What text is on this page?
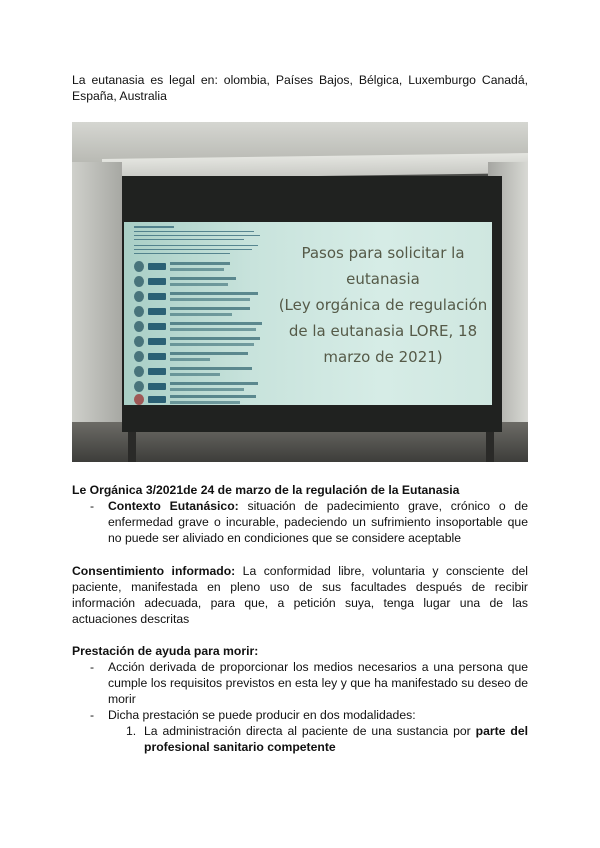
La eutanasia es legal en: olombia, Países Bajos, Bélgica, Luxemburgo Canadá, España, Australia

Pasos para solicitar la
eutanasia
(Ley orgánica de regulación
de la eutanasia LORE, 18
marzo de 2021)
Le Orgánica 3/2021de 24 de marzo de la regulación de la Eutanasia
- Contexto Eutanásico: situación de padecimiento grave, crónico o de enfermedad grave o incurable, padeciendo un sufrimiento insoportable que no puede ser aliviado en condiciones que se considere aceptable
Consentimiento informado: La conformidad libre, voluntaria y consciente del paciente, manifestada en pleno uso de sus facultades después de recibir información adecuada, para que, a petición suya, tenga lugar una de las actuaciones descritas
Prestación de ayuda para morir:
- Acción derivada de proporcionar los medios necesarios a una persona que cumple los requisitos previstos en esta ley y que ha manifestado su deseo de morir
- Dicha prestación se puede producir en dos modalidades:
1. La administración directa al paciente de una sustancia por parte del profesional sanitario competente
